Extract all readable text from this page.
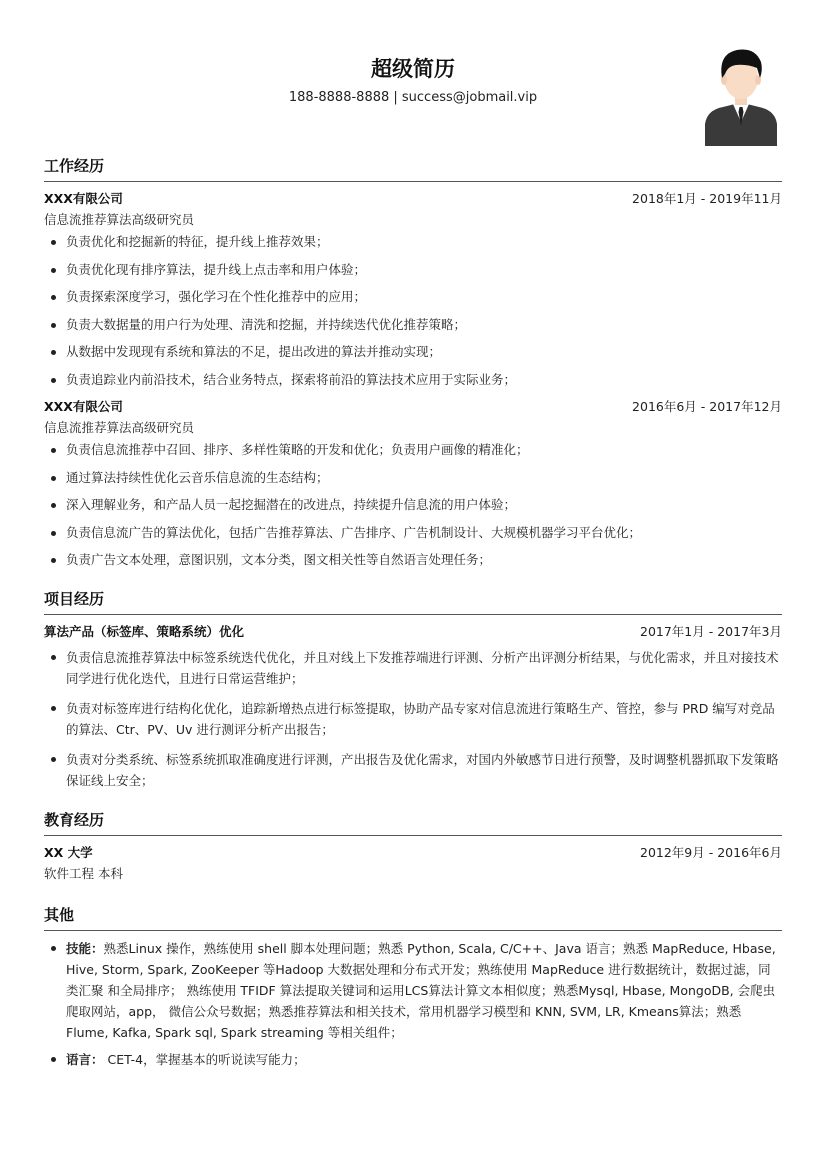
超级简历
188-8888-8888 | success@jobmail.vip
工作经历
XXX有限公司	2018年1月 - 2019年11月
信息流推荐算法高级研究员
负责优化和挖掘新的特征，提升线上推荐效果；
负责优化现有排序算法，提升线上点击率和用户体验；
负责探索深度学习，强化学习在个性化推荐中的应用；
负责大数据量的用户行为处理、清洗和挖掘，并持续迭代优化推荐策略；
从数据中发现现有系统和算法的不足，提出改进的算法并推动实现；
负责追踪业内前沿技术，结合业务特点，探索将前沿的算法技术应用于实际业务；
XXX有限公司	2016年6月 - 2017年12月
信息流推荐算法高级研究员
负责信息流推荐中召回、排序、多样性策略的开发和优化；负责用户画像的精准化；
通过算法持续性优化云音乐信息流的生态结构；
深入理解业务，和产品人员一起挖掘潜在的改进点，持续提升信息流的用户体验；
负责信息流广告的算法优化，包括广告推荐算法、广告排序、广告机制设计、大规模机器学习平台优化；
负责广告文本处理，意图识别，文本分类，图文相关性等自然语言处理任务；
项目经历
算法产品（标签库、策略系统）优化	2017年1月 - 2017年3月
负责信息流推荐算法中标签系统迭代优化，并且对线上下发推荐端进行评测、分析产出评测分析结果，与优化需求，并且对接技术同学进行优化迭代，且进行日常运营维护；
负责对标签库进行结构化优化，追踪新增热点进行标签提取，协助产品专家对信息流进行策略生产、管控，参与 PRD 编写对竞品的算法、Ctr、PV、Uv 进行测评分析产出报告；
负责对分类系统、标签系统抓取准确度进行评测，产出报告及优化需求，对国内外敏感节日进行预警，及时调整机器抓取下发策略保证线上安全；
教育经历
XX 大学	2012年9月 - 2016年6月
软件工程 本科
其他
技能：熟悉Linux 操作，熟练使用 shell 脚本处理问题；熟悉 Python, Scala, C/C++、Java 语言；熟悉 MapReduce, Hbase, Hive, Storm, Spark, ZooKeeper 等Hadoop 大数据处理和分布式开发；熟练使用 MapReduce 进行数据统计，数据过滤，同类汇聚 和全局排序； 熟练使用 TFIDF 算法提取关键词和运用LCS算法计算文本相似度；熟悉Mysql, Hbase, MongoDB, 会爬虫爬取网站，app， 微信公众号数据；熟悉推荐算法和相关技术，常用机器学习模型和 KNN, SVM, LR, Kmeans算法；熟悉 Flume, Kafka, Spark sql, Spark streaming 等相关组件；
语言： CET-4，掌握基本的听说读写能力；
